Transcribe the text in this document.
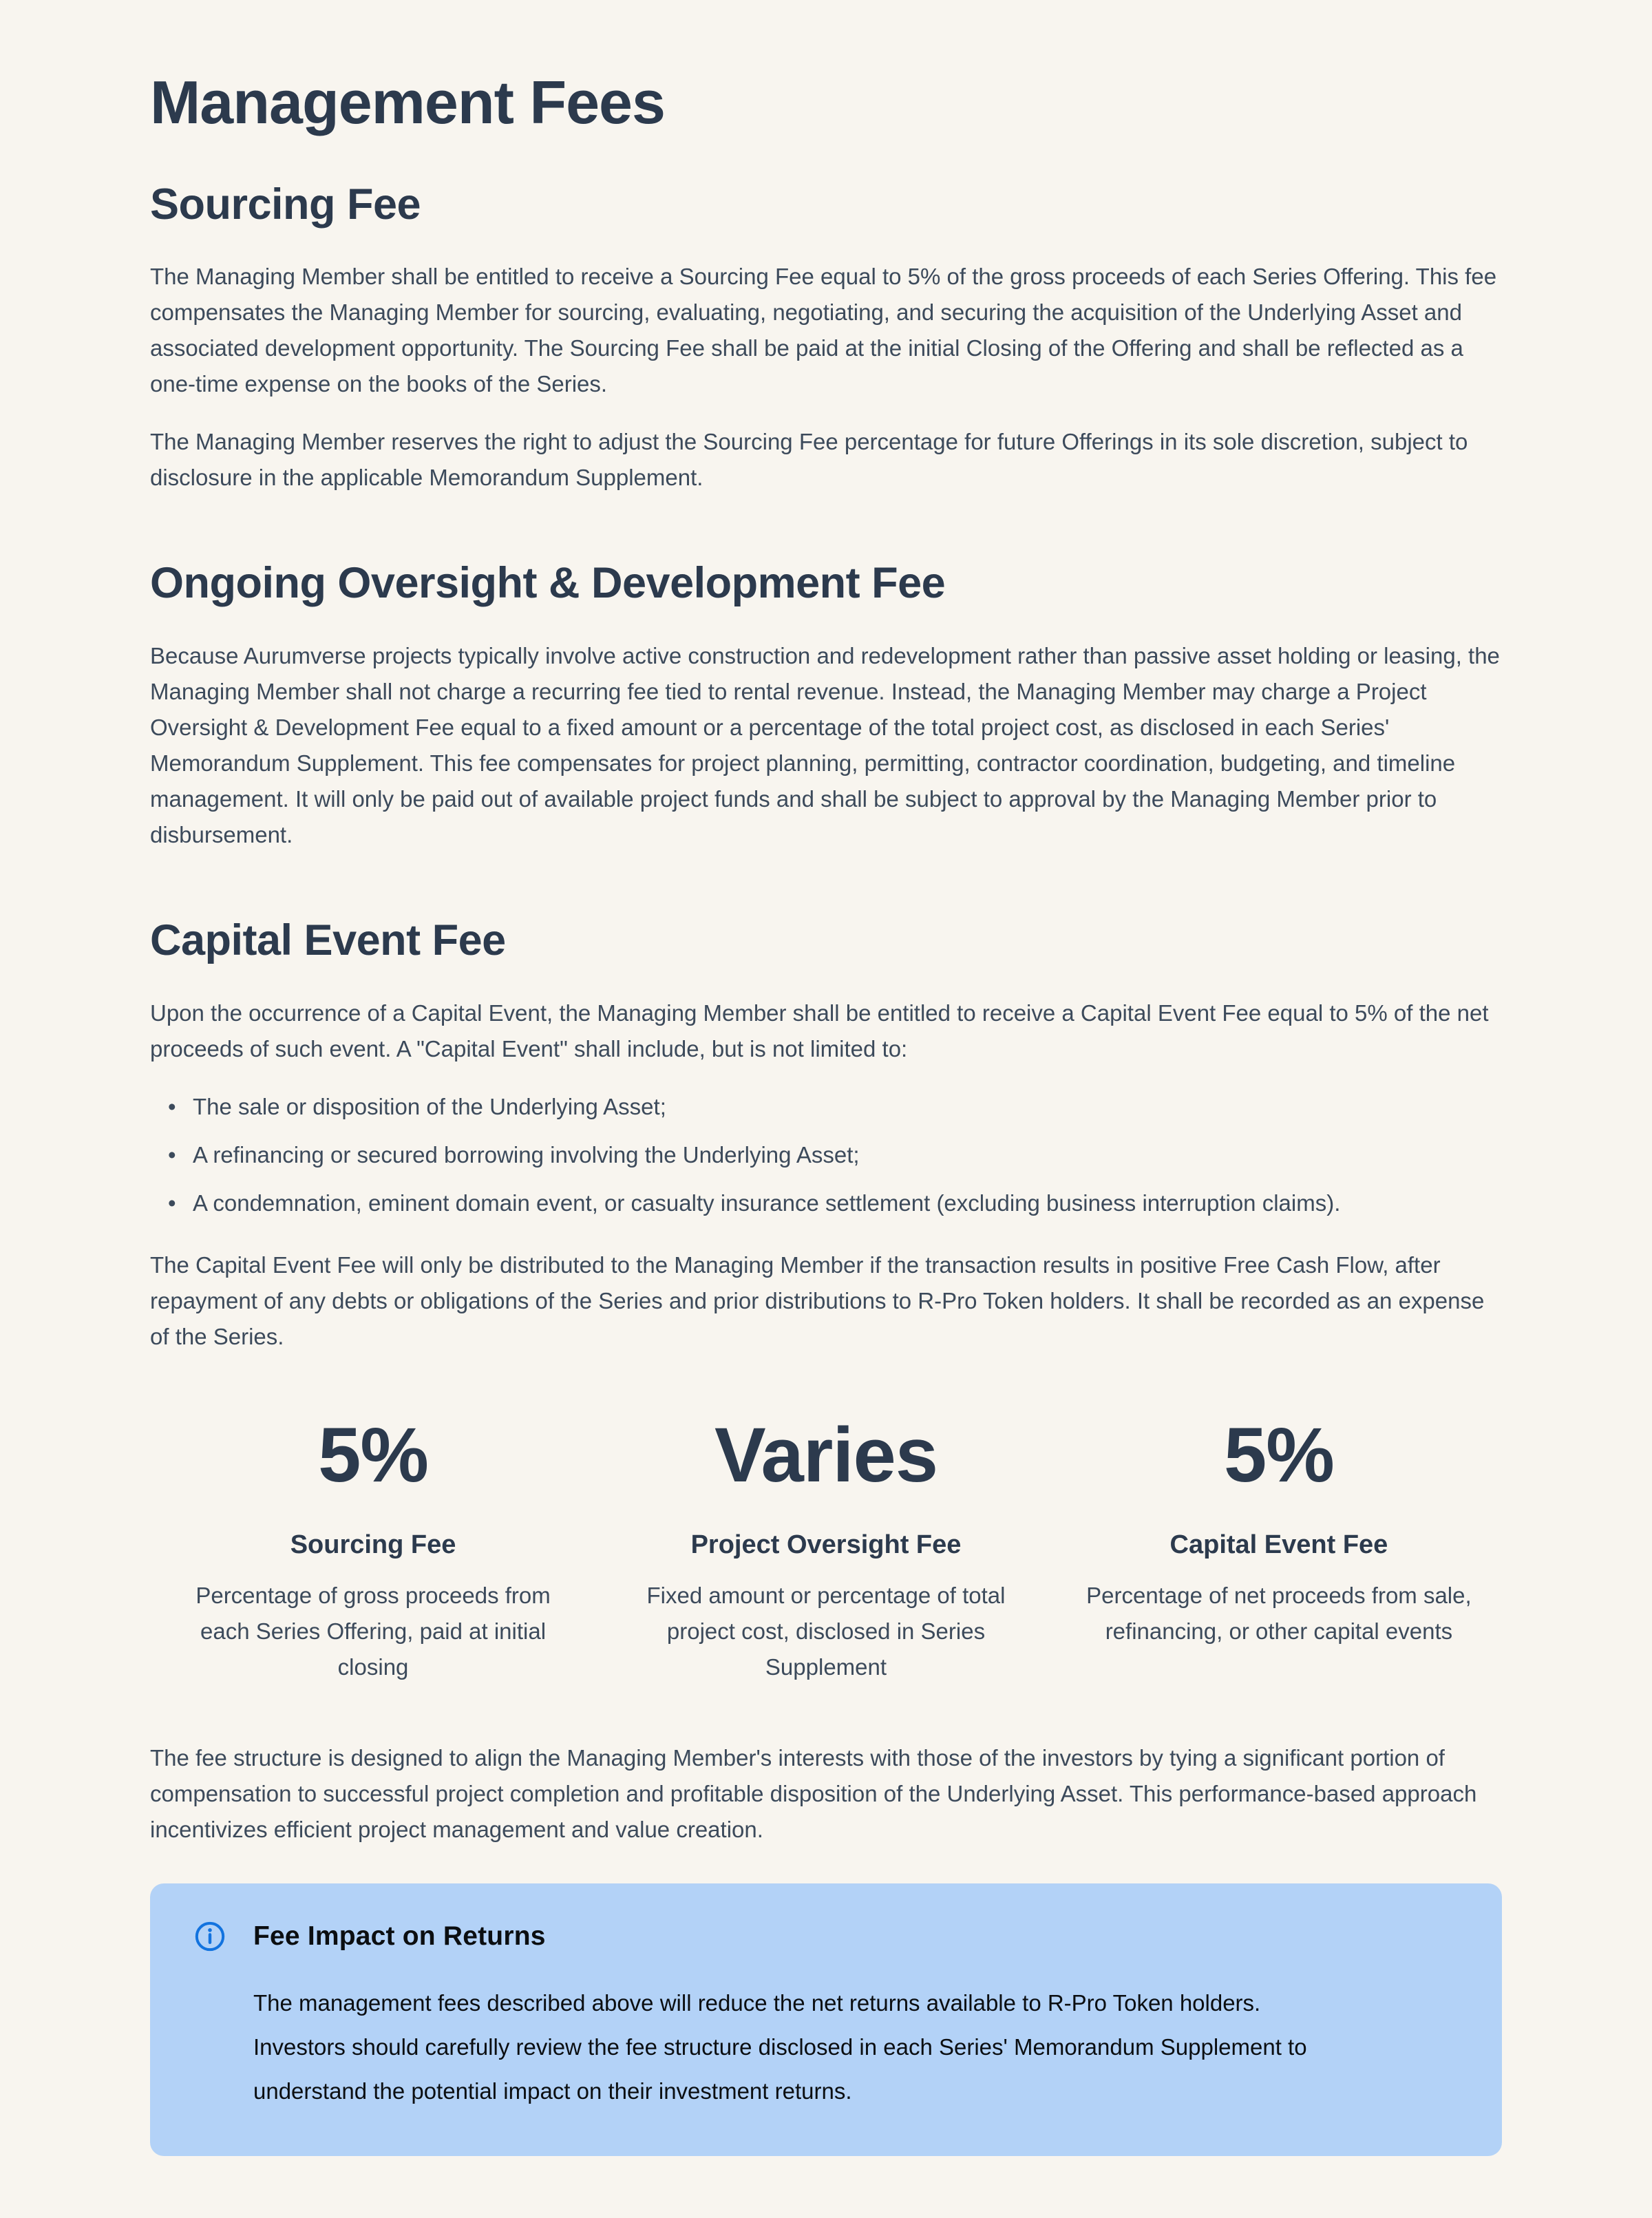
Management Fees
Sourcing Fee

The Managing Member shall be entitled to receive a Sourcing Fee equal to 5% of the gross proceeds of each Series Offering. This fee compensates the Managing Member for sourcing, evaluating, negotiating, and securing the acquisition of the Underlying Asset and associated development opportunity. The Sourcing Fee shall be paid at the initial Closing of the Offering and shall be reflected as a one-time expense on the books of the Series.

The Managing Member reserves the right to adjust the Sourcing Fee percentage for future Offerings in its sole discretion, subject to disclosure in the applicable Memorandum Supplement.

Ongoing Oversight & Development Fee

Because Aurumverse projects typically involve active construction and redevelopment rather than passive asset holding or leasing, the Managing Member shall not charge a recurring fee tied to rental revenue. Instead, the Managing Member may charge a Project Oversight & Development Fee equal to a fixed amount or a percentage of the total project cost, as disclosed in each Series' Memorandum Supplement. This fee compensates for project planning, permitting, contractor coordination, budgeting, and timeline management. It will only be paid out of available project funds and shall be subject to approval by the Managing Member prior to disbursement.

Capital Event Fee

Upon the occurrence of a Capital Event, the Managing Member shall be entitled to receive a Capital Event Fee equal to 5% of the net proceeds of such event. A "Capital Event" shall include, but is not limited to:

• The sale or disposition of the Underlying Asset;
• A refinancing or secured borrowing involving the Underlying Asset;
• A condemnation, eminent domain event, or casualty insurance settlement (excluding business interruption claims).

The Capital Event Fee will only be distributed to the Managing Member if the transaction results in positive Free Cash Flow, after repayment of any debts or obligations of the Series and prior distributions to R-Pro Token holders. It shall be recorded as an expense of the Series.

5%
Sourcing Fee
Percentage of gross proceeds from each Series Offering, paid at initial closing
Varies
Project Oversight Fee
Fixed amount or percentage of total project cost, disclosed in Series Supplement
5%
Capital Event Fee
Percentage of net proceeds from sale, refinancing, or other capital events

The fee structure is designed to align the Managing Member's interests with those of the investors by tying a significant portion of compensation to successful project completion and profitable disposition of the Underlying Asset. This performance-based approach incentivizes efficient project management and value creation.

Fee Impact on Returns
The management fees described above will reduce the net returns available to R-Pro Token holders. Investors should carefully review the fee structure disclosed in each Series' Memorandum Supplement to understand the potential impact on their investment returns.
